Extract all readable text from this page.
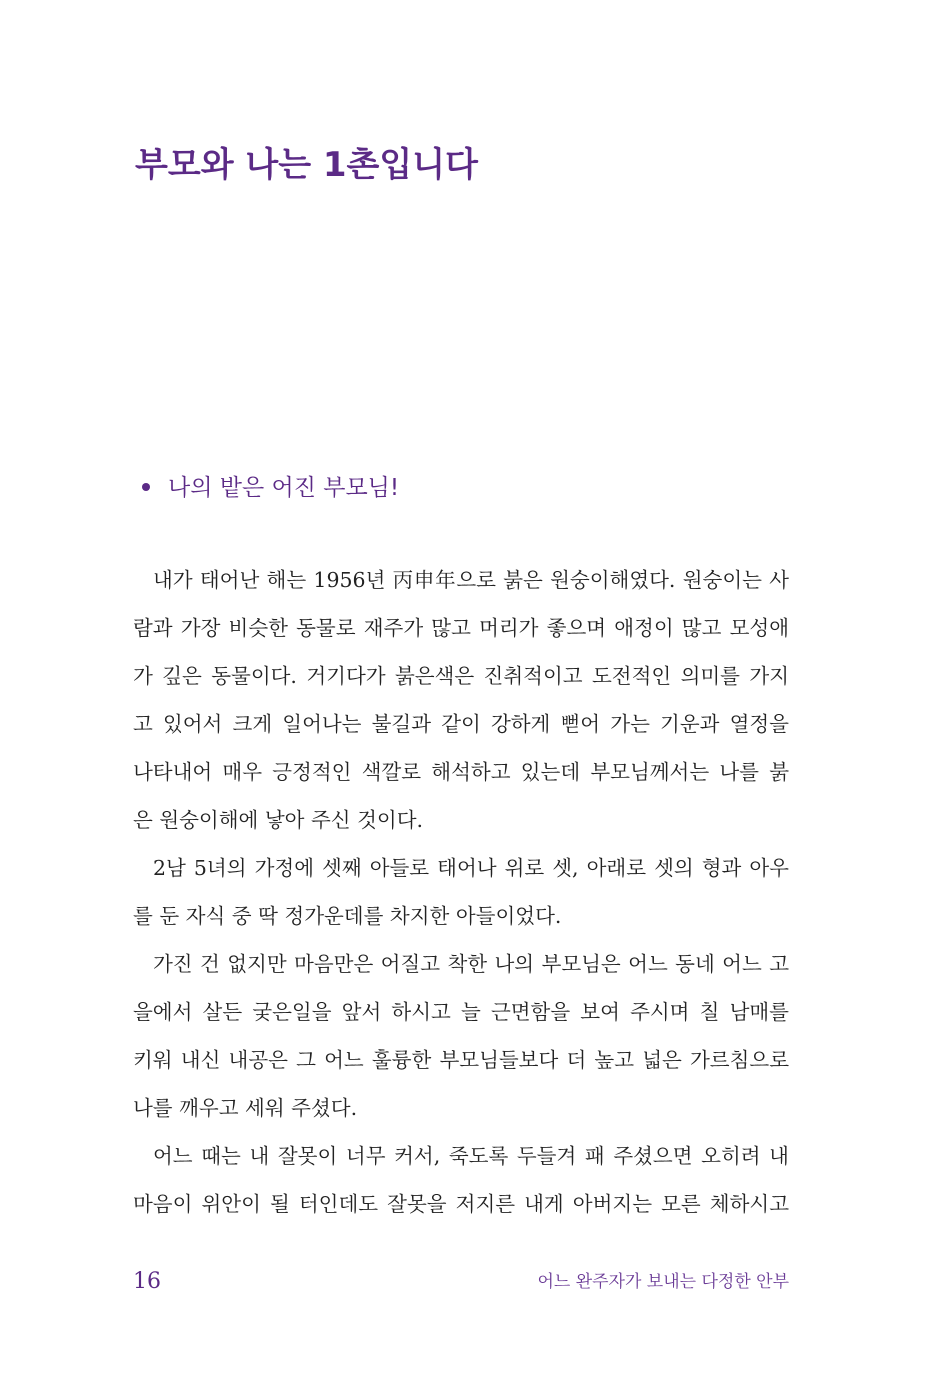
부모와 나는 1촌입니다
나의 밭은 어진 부모님!
내가 태어난 해는 1956년 丙申年으로 붉은 원숭이해였다. 원숭이는 사
람과 가장 비슷한 동물로 재주가 많고 머리가 좋으며 애정이 많고 모성애
가 깊은 동물이다. 거기다가 붉은색은 진취적이고 도전적인 의미를 가지
고 있어서 크게 일어나는 불길과 같이 강하게 뻗어 가는 기운과 열정을
나타내어 매우 긍정적인 색깔로 해석하고 있는데 부모님께서는 나를 붉
은 원숭이해에 낳아 주신 것이다.
2남 5녀의 가정에 셋째 아들로 태어나 위로 셋, 아래로 셋의 형과 아우
를 둔 자식 중 딱 정가운데를 차지한 아들이었다.
가진 건 없지만 마음만은 어질고 착한 나의 부모님은 어느 동네 어느 고
을에서 살든 궂은일을 앞서 하시고 늘 근면함을 보여 주시며 칠 남매를
키워 내신 내공은 그 어느 훌륭한 부모님들보다 더 높고 넓은 가르침으로
나를 깨우고 세워 주셨다.
어느 때는 내 잘못이 너무 커서, 죽도록 두들겨 패 주셨으면 오히려 내
마음이 위안이 될 터인데도 잘못을 저지른 내게 아버지는 모른 체하시고
16	어느 완주자가 보내는 다정한 안부
